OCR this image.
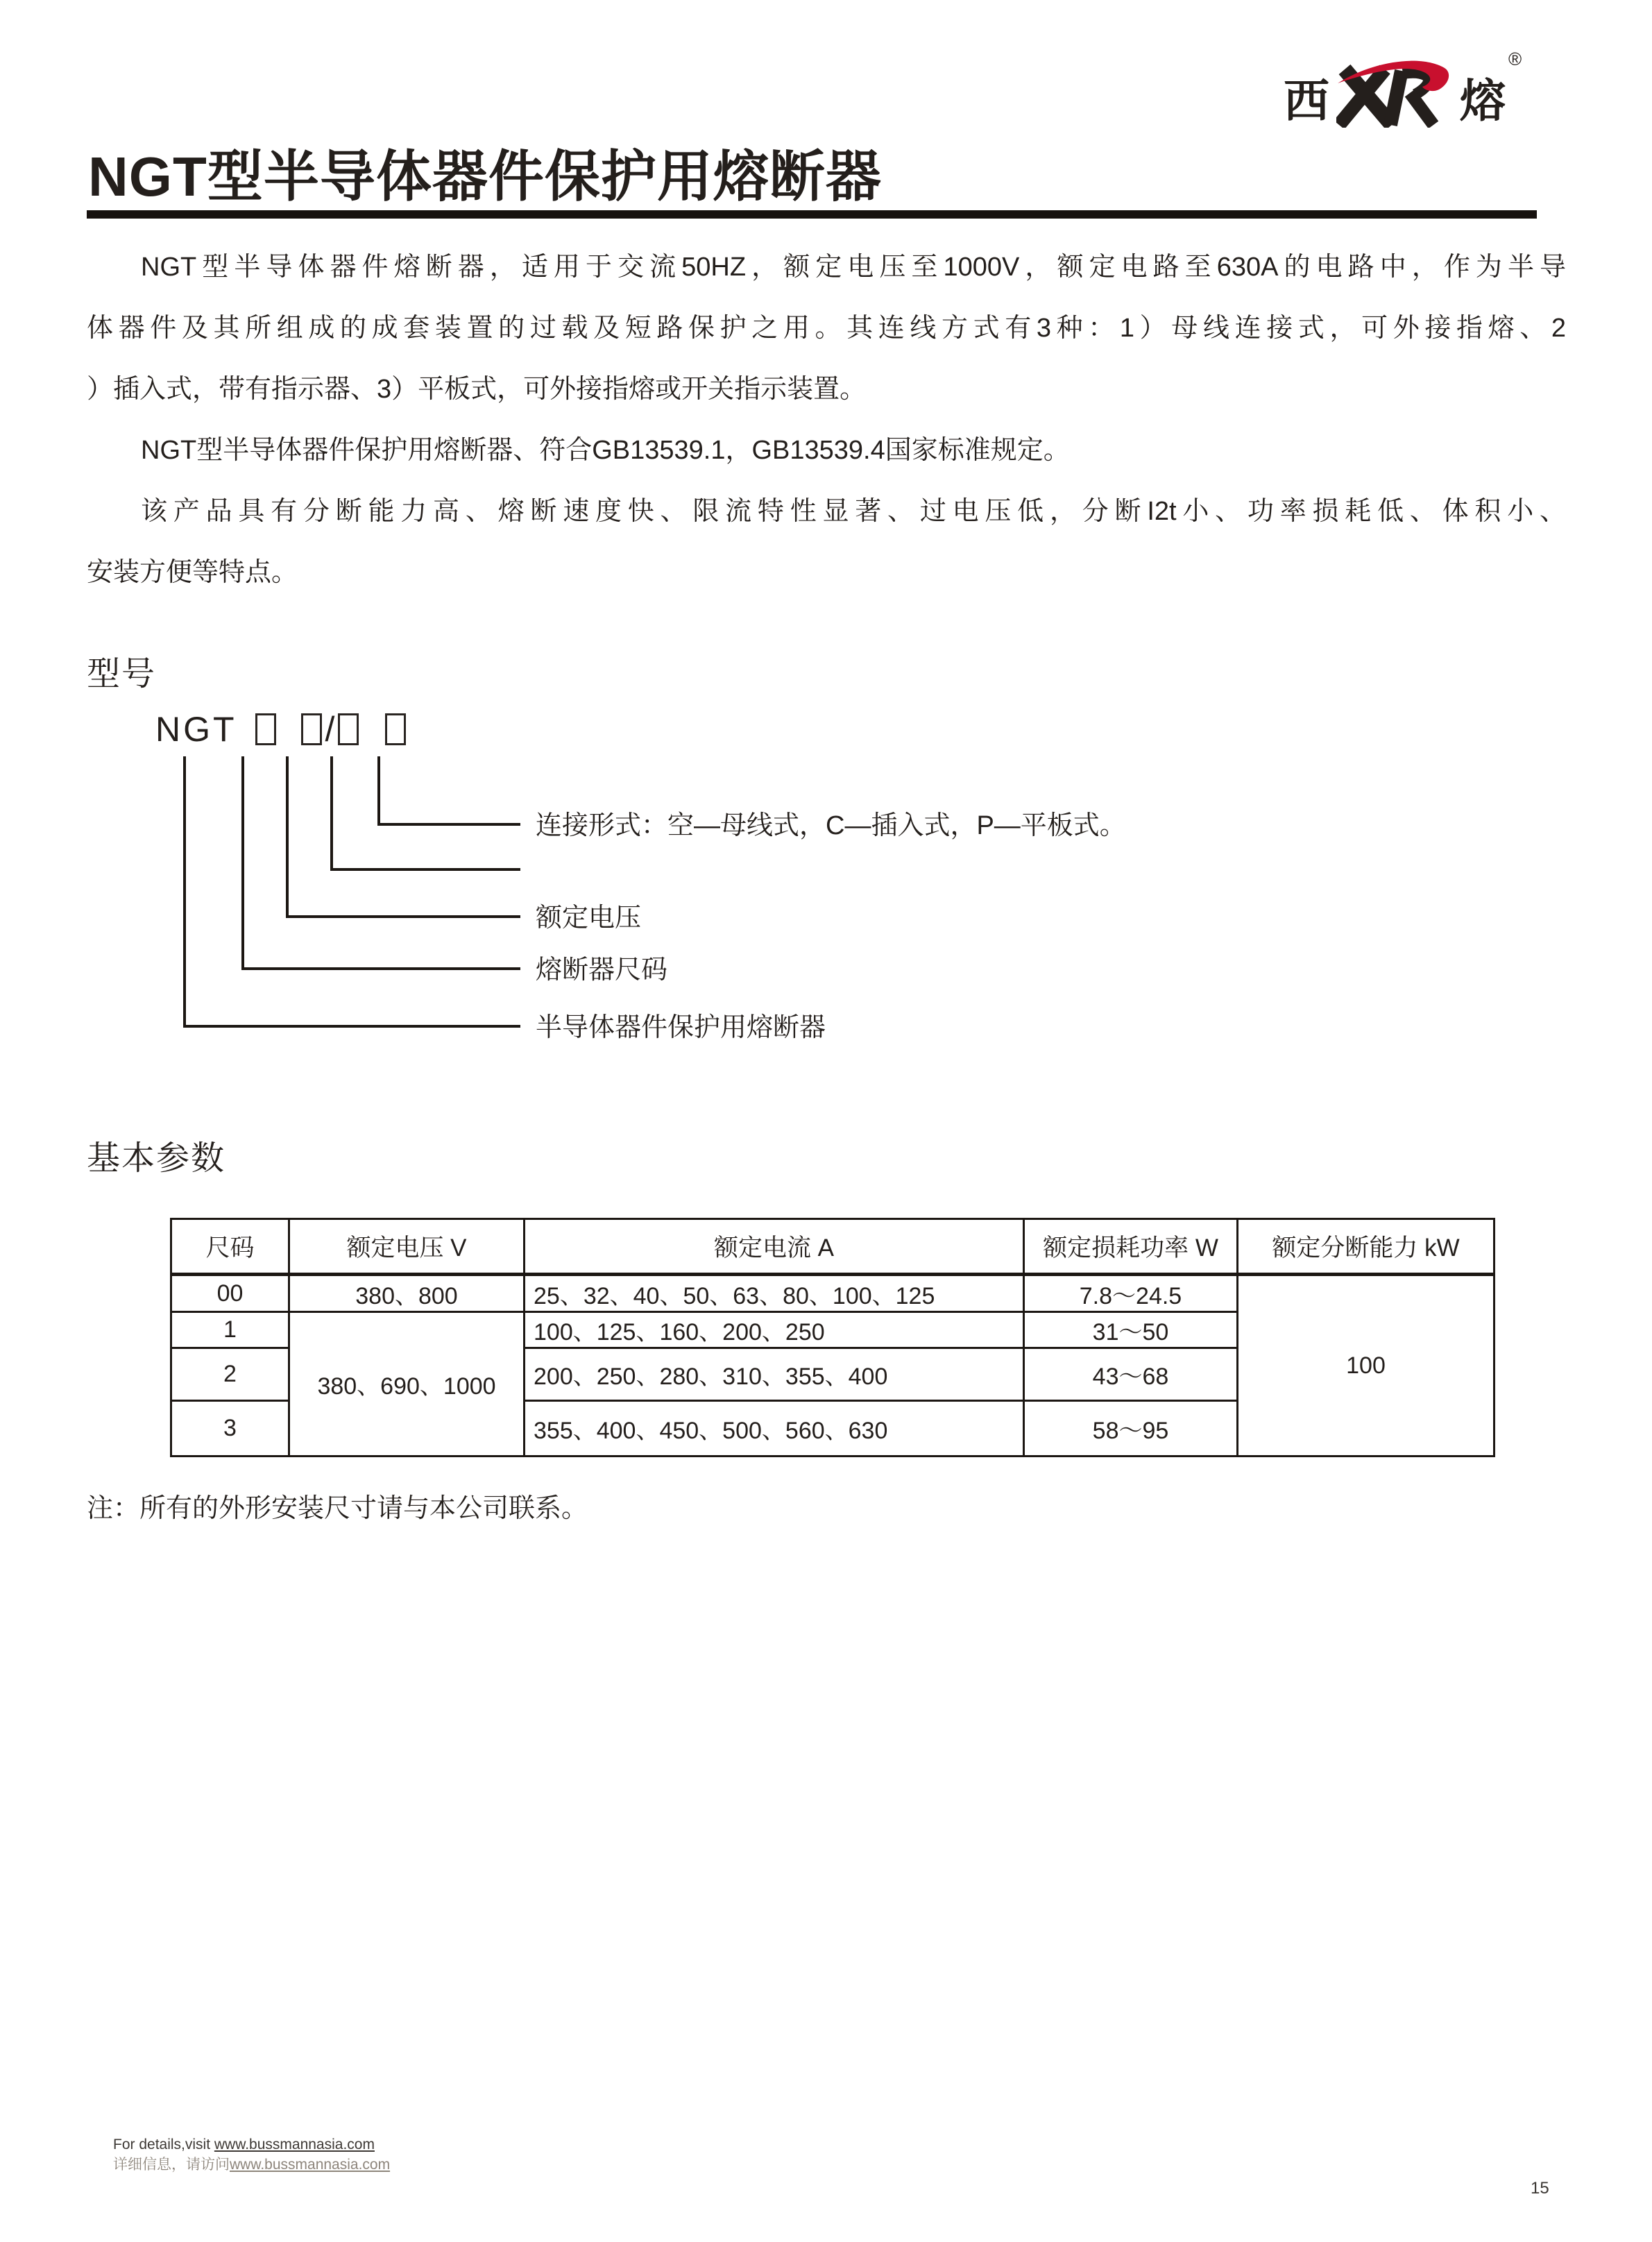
西	熔
®
NGT型半导体器件保护用熔断器
NGT型半导体器件熔断器，适用于交流50HZ，额定电压至1000V，额定电路至630A的电路中，作为半导
体器件及其所组成的成套装置的过载及短路保护之用。其连线方式有3种：1）母线连接式，可外接指熔、2
）插入式，带有指示器、3）平板式，可外接指熔或开关指示装置。
NGT型半导体器件保护用熔断器、符合GB13539.1，GB13539.4国家标准规定。
该产品具有分断能力高、熔断速度快、限流特性显著、过电压低，分断I2t小、功率损耗低、体积小、
安装方便等特点。
型号
NGT	/
连接形式：空—母线式，C—插入式，P—平板式。
额定电压
熔断器尺码
半导体器件保护用熔断器
基本参数
尺码	额定电压 V	额定电流 A	额定损耗功率 W	额定分断能力 kW
00	380、800	25、32、40、50、63、80、100、125	7.8～24.5	100
1	380、690、1000	100、125、160、200、250	31～50	
2		200、250、280、310、355、400	43～68	
3		355、400、450、500、560、630	58～95	
注：所有的外形安装尺寸请与本公司联系。
For details,visit www.bussmannasia.com
详细信息，请访问www.bussmannasia.com
15
